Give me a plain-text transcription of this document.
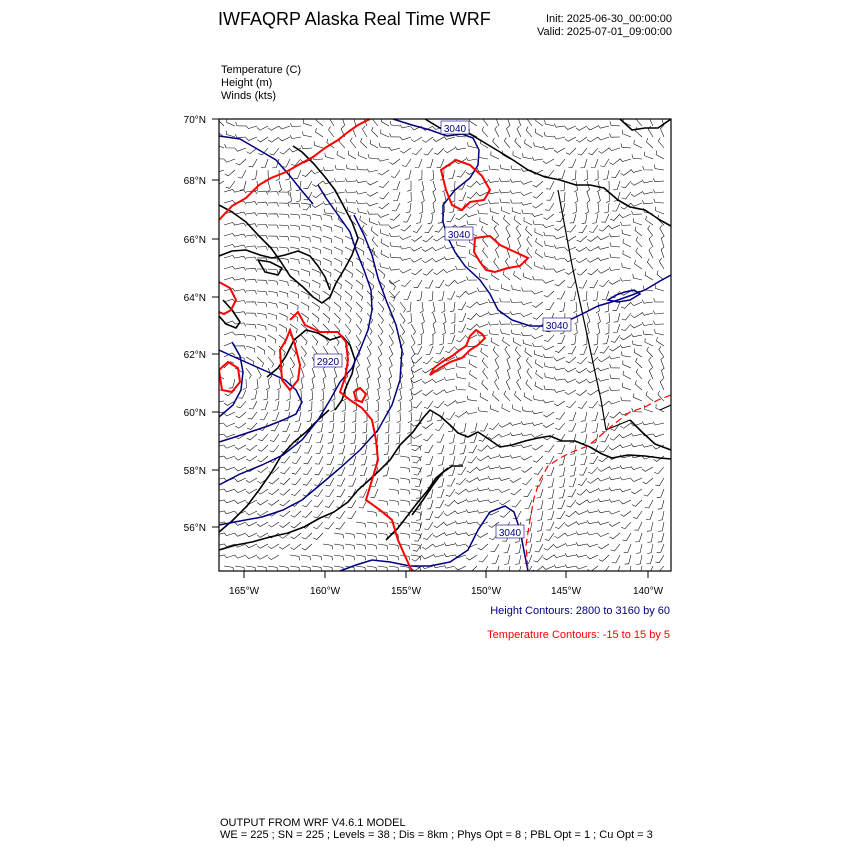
IWFAQRP Alaska Real Time WRF	Init: 2025-06-30_00:00:00
Valid: 2025-07-01_09:00:00
Temperature (C)
Height (m)
Winds (kts)
3040
3040
3040
2920
3040
70°N
68°N
66°N
64°N
62°N
60°N
58°N
56°N
165°W	160°W	155°W	150°W	145°W	140°W
Height Contours: 2800 to 3160 by 60
Temperature Contours: -15 to 15 by 5
OUTPUT FROM WRF V4.6.1 MODEL
WE = 225 ; SN = 225 ; Levels = 38 ; Dis = 8km ; Phys Opt = 8 ; PBL Opt = 1 ; Cu Opt = 3
